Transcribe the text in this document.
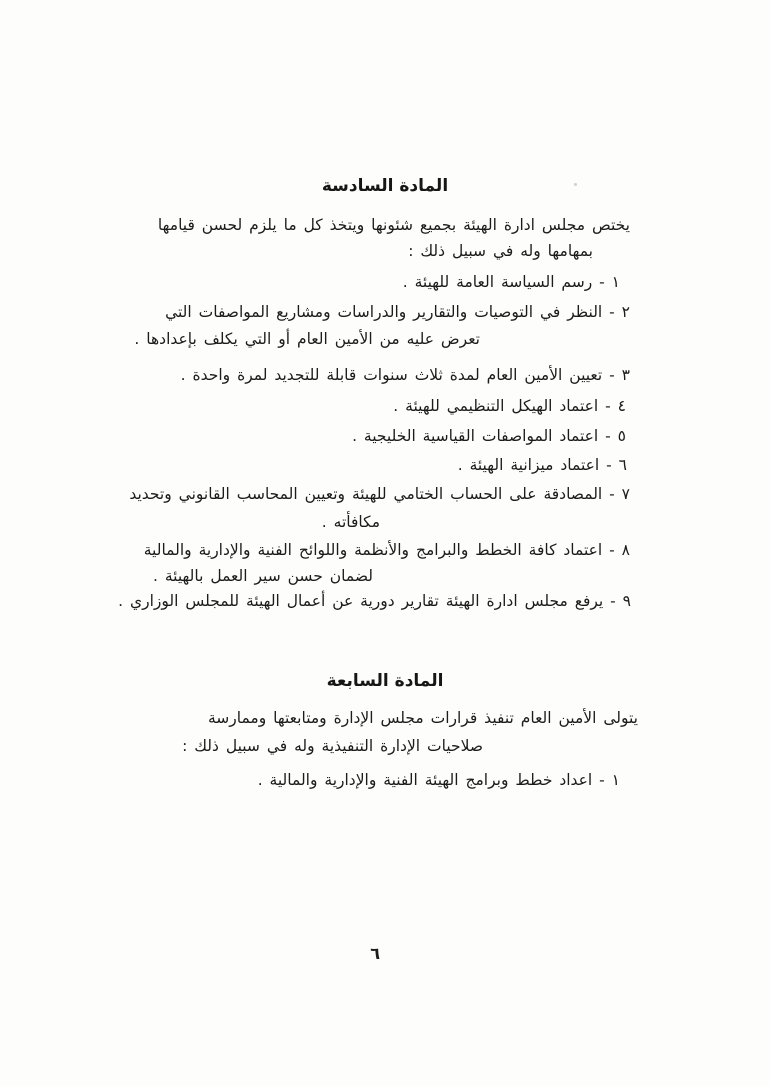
المادة السادسة
يختص مجلس ادارة الهيئة بجميع شئونها ويتخذ كل ما يلزم لحسن قيامها
بمهامها وله في سبيل ذلك :
١ - رسم السياسة العامة للهيئة .
٢ - النظر في التوصيات والتقارير والدراسات ومشاريع المواصفات التي
تعرض عليه من الأمين العام أو التي يكلف بإعدادها .
٣ - تعيين الأمين العام لمدة ثلاث سنوات قابلة للتجديد لمرة واحدة .
٤ - اعتماد الهيكل التنظيمي للهيئة .
٥ - اعتماد المواصفات القياسية الخليجية .
٦ - اعتماد ميزانية الهيئة .
٧ - المصادقة على الحساب الختامي للهيئة وتعيين المحاسب القانوني وتحديد
مكافأته .
٨ - اعتماد كافة الخطط والبرامج والأنظمة واللوائح الفنية والإدارية والمالية
لضمان حسن سير العمل بالهيئة .
٩ - يرفع مجلس ادارة الهيئة تقارير دورية عن أعمال الهيئة للمجلس الوزاري .
المادة السابعة
يتولى الأمين العام تنفيذ قرارات مجلس الإدارة ومتابعتها وممارسة
صلاحيات الإدارة التنفيذية وله في سبيل ذلك :
١ - اعداد خطط وبرامج الهيئة الفنية والإدارية والمالية .
٦
